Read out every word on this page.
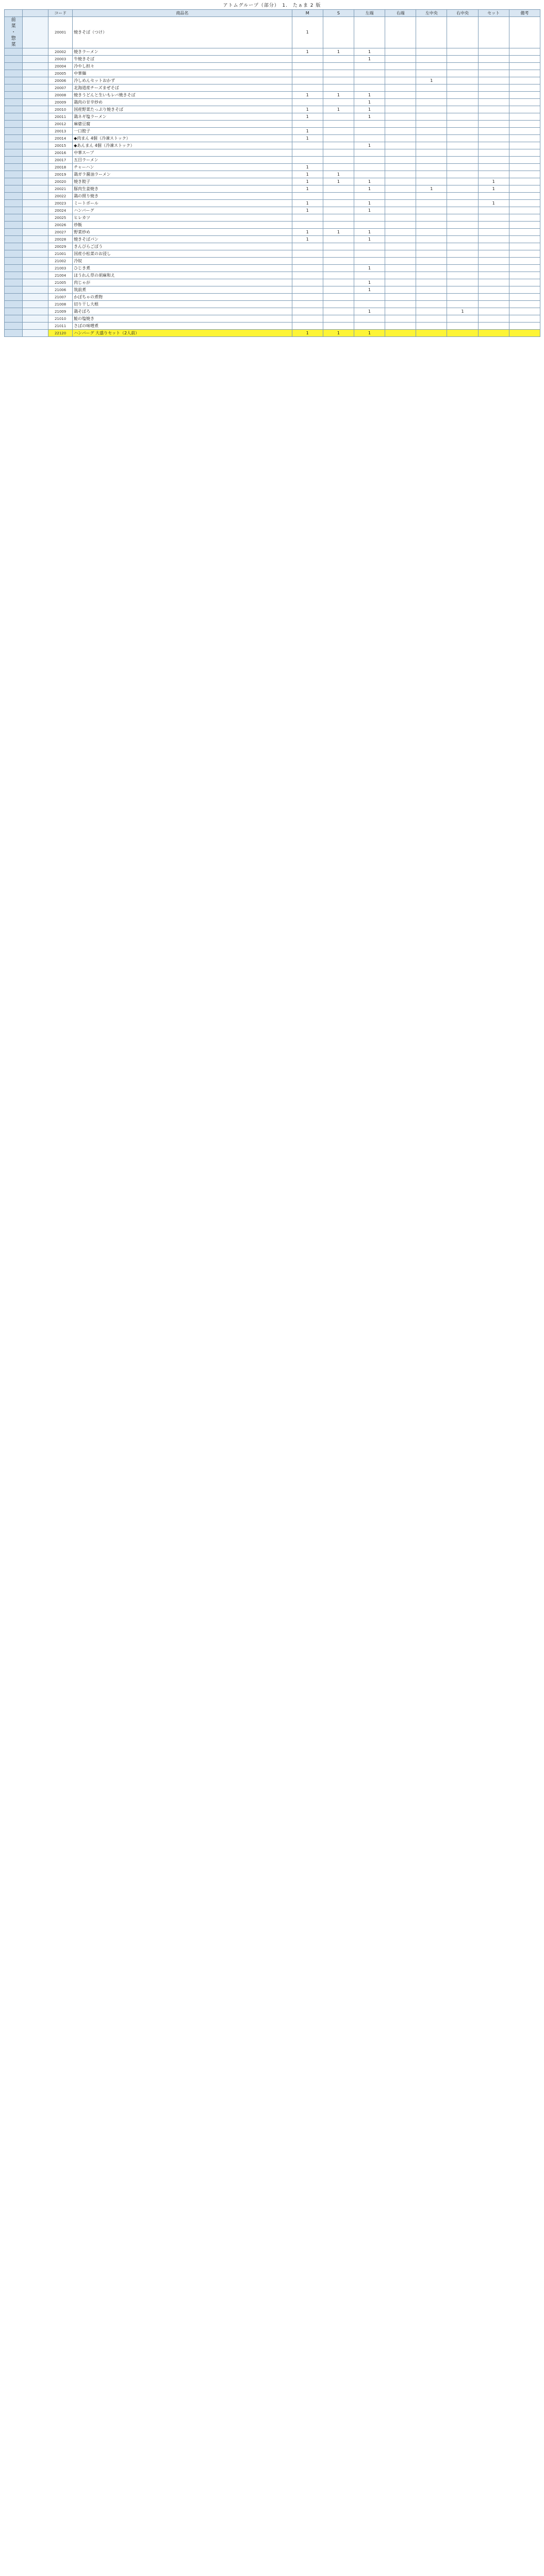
アトムグループ（部分）　1.　たぁま 2 版
		コード	商品名	M	S	左端	右端	左中央	右中央	セット	備考
前
菜
・
惣
菜		20001	焼きそば（つけ）	1							
		20002	焼きラーメン	1	1	1					
		20003	牛焼きそば			1					
		20004	冷やし担々								
		20005	中華麺								
		20006	冷しめんセットおかず					1			
		20007	北海道産チーズまぜそば								
		20008	焼きうどんと生いもレバ焼きそば	1	1	1					
		20009	鶏肉の甘辛炒め			1					
		20010	国産野菜たっぷり焼きそば	1	1	1					
		20011	鶏ネギ塩ラーメン	1		1					
		20012	麻婆豆腐								
		20013	一口餃子	1							
		20014	◆肉まん 4個（冷凍ストック）	1							
		20015	◆あんまん 4個（冷凍ストック）			1					
		20016	中華スープ								
		20017	五目ラーメン								
		20018	チャーハン	1							
		20019	鶏ガラ醤油ラーメン	1	1						
		20020	焼き餃子	1	1	1				1	
		20021	豚肉生姜焼き	1		1		1		1	
		20022	鶏の照り焼き								
		20023	ミートボール	1		1				1	
		20024	ハンバーグ	1		1					
		20025	ヒレカツ								
		20026	炒飯								
		20027	野菜炒め	1	1	1					
		20028	焼きそばパン	1		1					
		20029	きんぴらごぼう								
		21001	国産小松菜のお浸し								
		21002	冷奴								
		21003	ひじき煮			1					
		21004	ほうれん草の胡麻和え								
		21005	肉じゃが			1					
		21006	筑前煮			1					
		21007	かぼちゃの煮物								
		21008	切り干し大根								
		21009	鶏そぼろ			1			1		
		21010	鮭の塩焼き								
		21011	さばの味噌煮								
		22120	ハンバーグ 大盛りセット（2人前）	1	1	1					
